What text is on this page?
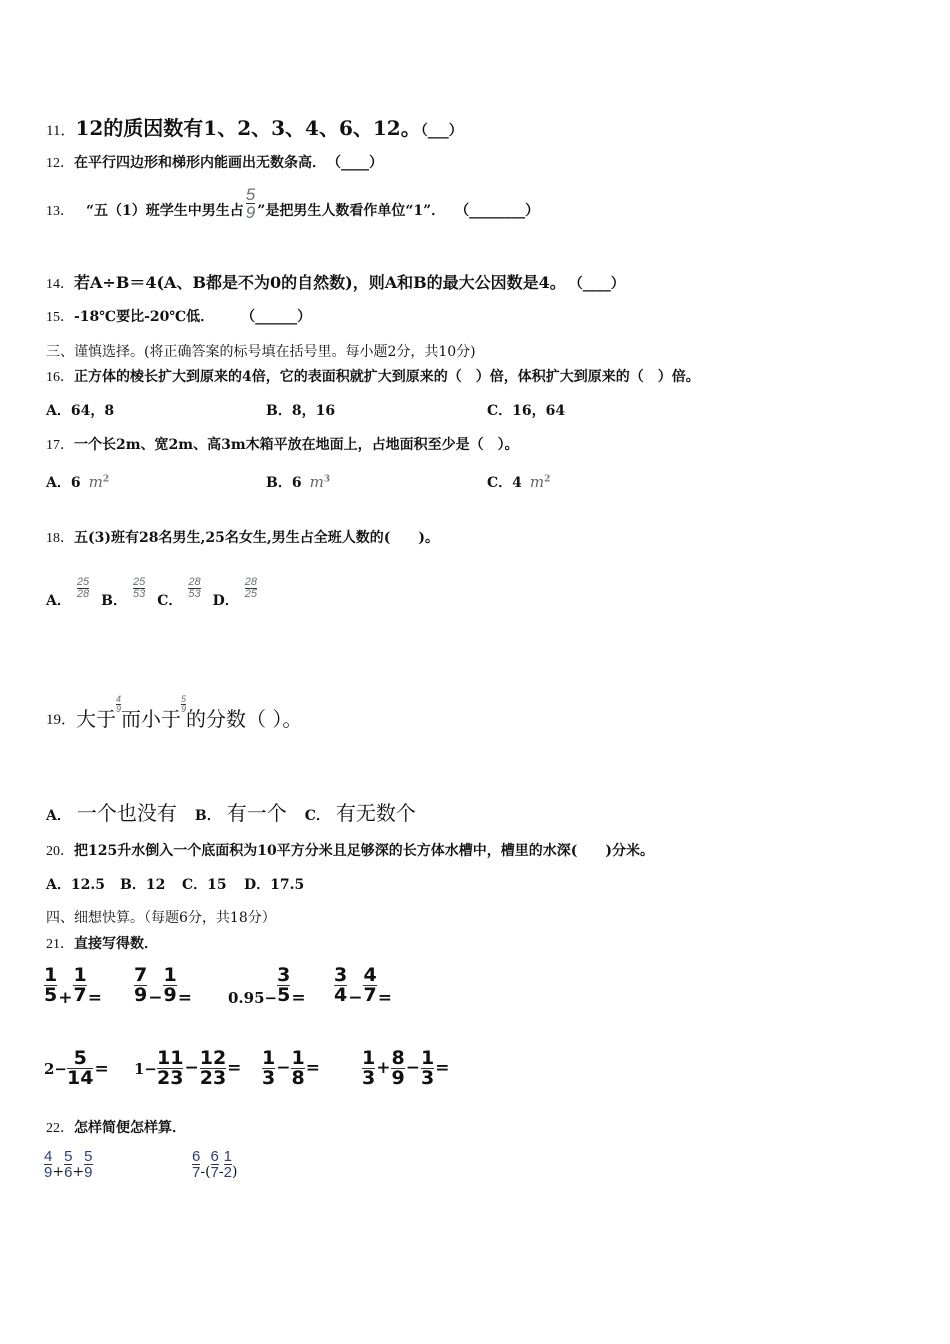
11．12的质因数有1、2、3、4、6、12。（___）
12．在平行四边形和梯形内能画出无数条高． （____）
13． “五（1）班学生中男生占 $\frac{5}{9}$ ”是把男生人数看作单位“1”． （________）
14．若A÷B＝4(A、B都是不为0的自然数)，则A和B的最大公因数是4。 （____）
15．-18℃要比-20℃低． （______）
三、谨慎选择。(将正确答案的标号填在括号里。每小题2分，共10分)
16．正方体的棱长扩大到原来的4倍，它的表面积就扩大到原来的（　）倍，体积扩大到原来的（　）倍。
A．64，8	B．8，16	C．16，64
17．一个长2m、宽2m、高3m木箱平放在地面上，占地面积至少是（　）。
A．6 $m^2$	B．6 $m^3$	C．4 $m^2$
18．五(3)班有28名男生,25名女生,男生占全班人数的(　　)。
A．
$\frac{25}{28}$
B．
$\frac{25}{53}$
C．
$\frac{28}{53}$
D．
$\frac{28}{25}$
19． 大于
$\frac{4}{9}$
而小于
$\frac{5}{9}$
的分数（ ）。
A． 一个也没有 B． 有一个 C． 有无数个
20．把125升水倒入一个底面积为10平方分米且足够深的长方体水槽中，槽里的水深(　　)分米。
A．12.5 B．12 C．15 D．17.5
四、细想快算。（每题6分，共18分）
21．直接写得数．
$\frac{1}{5} + \frac{1}{7} = \frac{7}{9} - \frac{1}{9} = 0.95- \frac{3}{5} = \frac{3}{4} - \frac{4}{7}$ =
$2- \frac{5}{14} = 1- \frac{11}{23} - \frac{12}{23} = \frac{1}{3} - \frac{1}{8} = \frac{1}{3} + \frac{8}{9} - \frac{1}{3}$ =
22．怎样简便怎样算．
$\frac{4}{9} + \frac{5}{6} + \frac{5}{9}$	$\frac{6}{7}$ -( $\frac{6}{7} - \frac{1}{2}$ )
